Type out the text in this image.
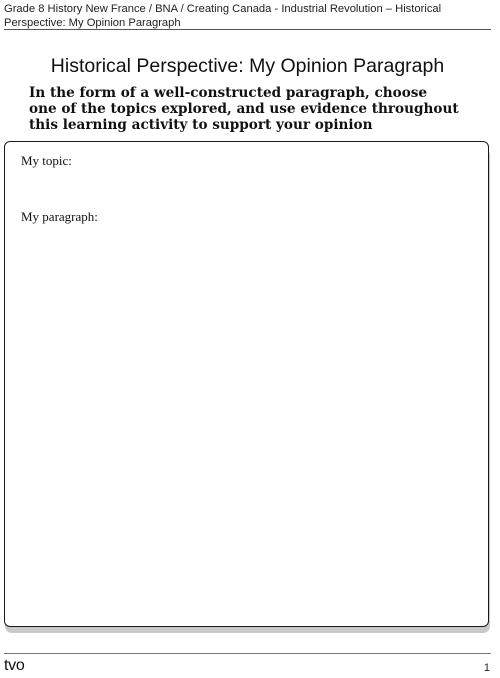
Grade 8 History New France / BNA / Creating Canada - Industrial Revolution – Historical Perspective: My Opinion Paragraph
Historical Perspective: My Opinion Paragraph
In the form of a well-constructed paragraph, choose one of the topics explored, and use evidence throughout this learning activity to support your opinion
My topic:
My paragraph:
tvo	1
